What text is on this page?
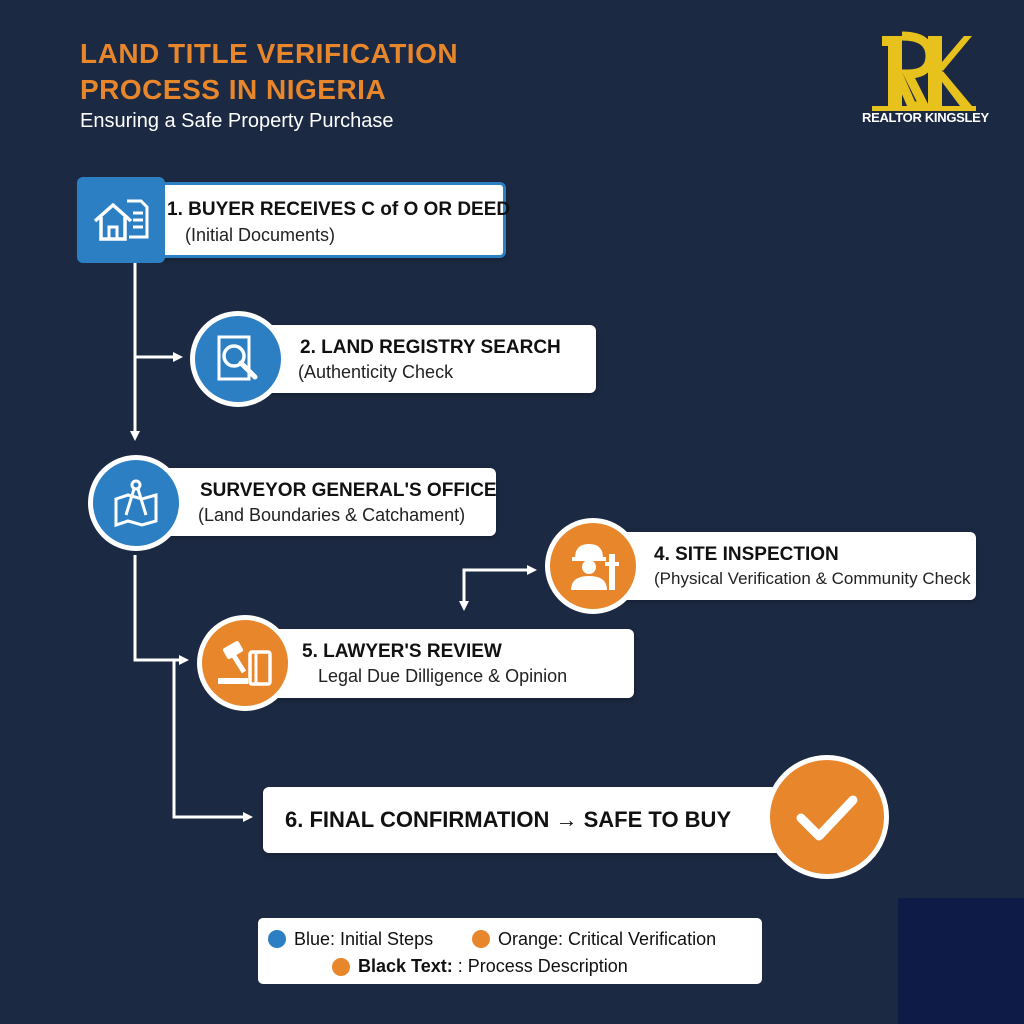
LAND TITLE VERIFICATION
PROCESS IN NIGERIA
Ensuring a Safe Property Purchase	REALTOR KINGSLEY
1. BUYER RECEIVES C of O OR DEED
(Initial Documents)
2. LAND REGISTRY SEARCH
(Authenticity Check
SURVEYOR GENERAL'S OFFICE
(Land Boundaries & Catchament)
4. SITE INSPECTION
(Physical Verification & Community Check
5. LAWYER'S REVIEW
Legal Due Dilligence & Opinion
6. FINAL CONFIRMATION → SAFE TO BUY
Blue: Initial Steps	Orange: Critical Verification
Black Text: : Process Description
